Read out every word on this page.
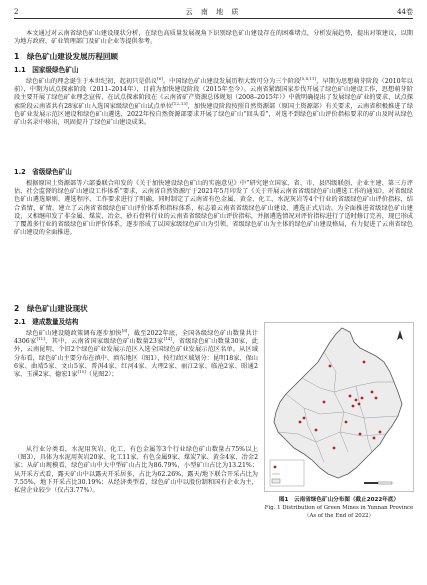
2	云 南 地 质	44卷

本文通过对云南省绿色矿山建设现状分析，在绿色高质量发展视角下识别绿色矿山建设存在的困难堵点，分析发展趋势，提出对策建议，以期为地方政府、矿业管理部门及矿山企业等提供参考。

1　绿色矿山建设发展历程回顾
1.1　国家级绿色矿山

绿色矿山的理念诞生于本世纪初，起初只是倡议[6]。中国绿色矿山建设发展历程大致可分为三个阶段[5,8,11]，早期为思想萌芽阶段（2010年以前），中期为试点探索阶段（2011–2014年），目前为加快建设阶段（2015年至今）。云南省紧跟国家步伐开展了绿色矿山建设工作，思想萌芽阶段主要开展了绿色矿业理念宣传，在试点探索阶段在《云南省矿产资源总体规划（2008–2015年）》中就明确提出了发展绿色矿业的要求，试点探索阶段云南省共有28家矿山入选国家级绿色矿山试点单位[12–13]，加快建设阶段按照自然资源部（原国土资源部）有关要求，云南省积极推进了绿色矿业发展示范区建设和绿色矿山遴选，2022年按自然资源部要求开展了绿色矿山“回头看”，对选不到绿色矿山评价指标要求的矿山及时从绿色矿山名录中移出，巩固提升了绿色矿山建设成果。

1.2　省级绿色矿山

根据原国土资源部等六部委联合印发的《关于加快建设绿色矿山的实施意见》中“研究建立国家、省、市、县四级联创、企业主建、第三方评估、社会监督的绿色矿山建设工作体系”要求，云南省自然资源厅于2021年5月印发了《关于开展云南省省级绿色矿山遴选工作的通知》，对省级绿色矿山遴选原则、遴选程序、工作要求进行了明确，同时制定了云南省有色金属、黄金、化工、水泥灰岩等4个行业的省级绿色矿山评价指标，结合省情、矿情，建立了云南省省级绿色矿山评价体系和指标体系，标志着云南省省级绿色矿山建设、遴选正式启动。为全面推进省级绿色矿山建设，又相继印发了非金属、煤炭、冶金、砂石骨料行业的云南省省级绿色矿山评价指标，并据遴选情况对评价指标进行了适时修订完善，现已形成了覆盖多行业的省级绿色矿山评价体系，逐步形成了以国家级绿色矿山为引领、省级绿色矿山为主体的绿色矿山建设格局，有力促进了云南省绿色矿山建设的全面推进。

2　绿色矿山建设现状
2.1　建成数量及结构

绿色矿山建设随政策调布逐步加快[8]，截至2022年底，全国各级绿色矿山数量共计4306家[11]，其中，云南省国家级绿色矿山数量23家[14]，省级绿色矿山数量30家，此外，云南昆明、个旧2个绿色矿业发展示范区入选全国绿色矿业发展示范区名单。从区域分布看，绿色矿山主要分布在滇中、滇东地区（图1），按行政区域划分：昆明18家、保山6家、曲靖5家、文山5家、普洱4家、红河4家、大理2家、丽江2家、临沧2家、昭通2家、玉溪2家、德宏1家[15]（见图2）；

从行业分类看，水泥用灰岩、化工、有色金属等3个行业绿色矿山数量占75%以上（图3），具体为水泥用灰岩20家、化工11家、有色金属9家、煤炭7家、黄金4家、冶金2家；从矿山规模看，绿色矿山中大中型矿山占比为86.79%，小型矿山占比为13.21%；从开采方式看，露天矿山中以露天开采居多，占比为62.26%，露天/地下联合开采占比为7.55%，地下开采占比30.19%；从经济类型看，绿色矿山中以股份制和国有企业为主，私营企业较少（仅占3.77%）。

图1　云南省绿色矿山分布图（截止2022年底）

Fig. 1 Distribution of Green Mines in Yunnan Province（As of the End of 2022）
